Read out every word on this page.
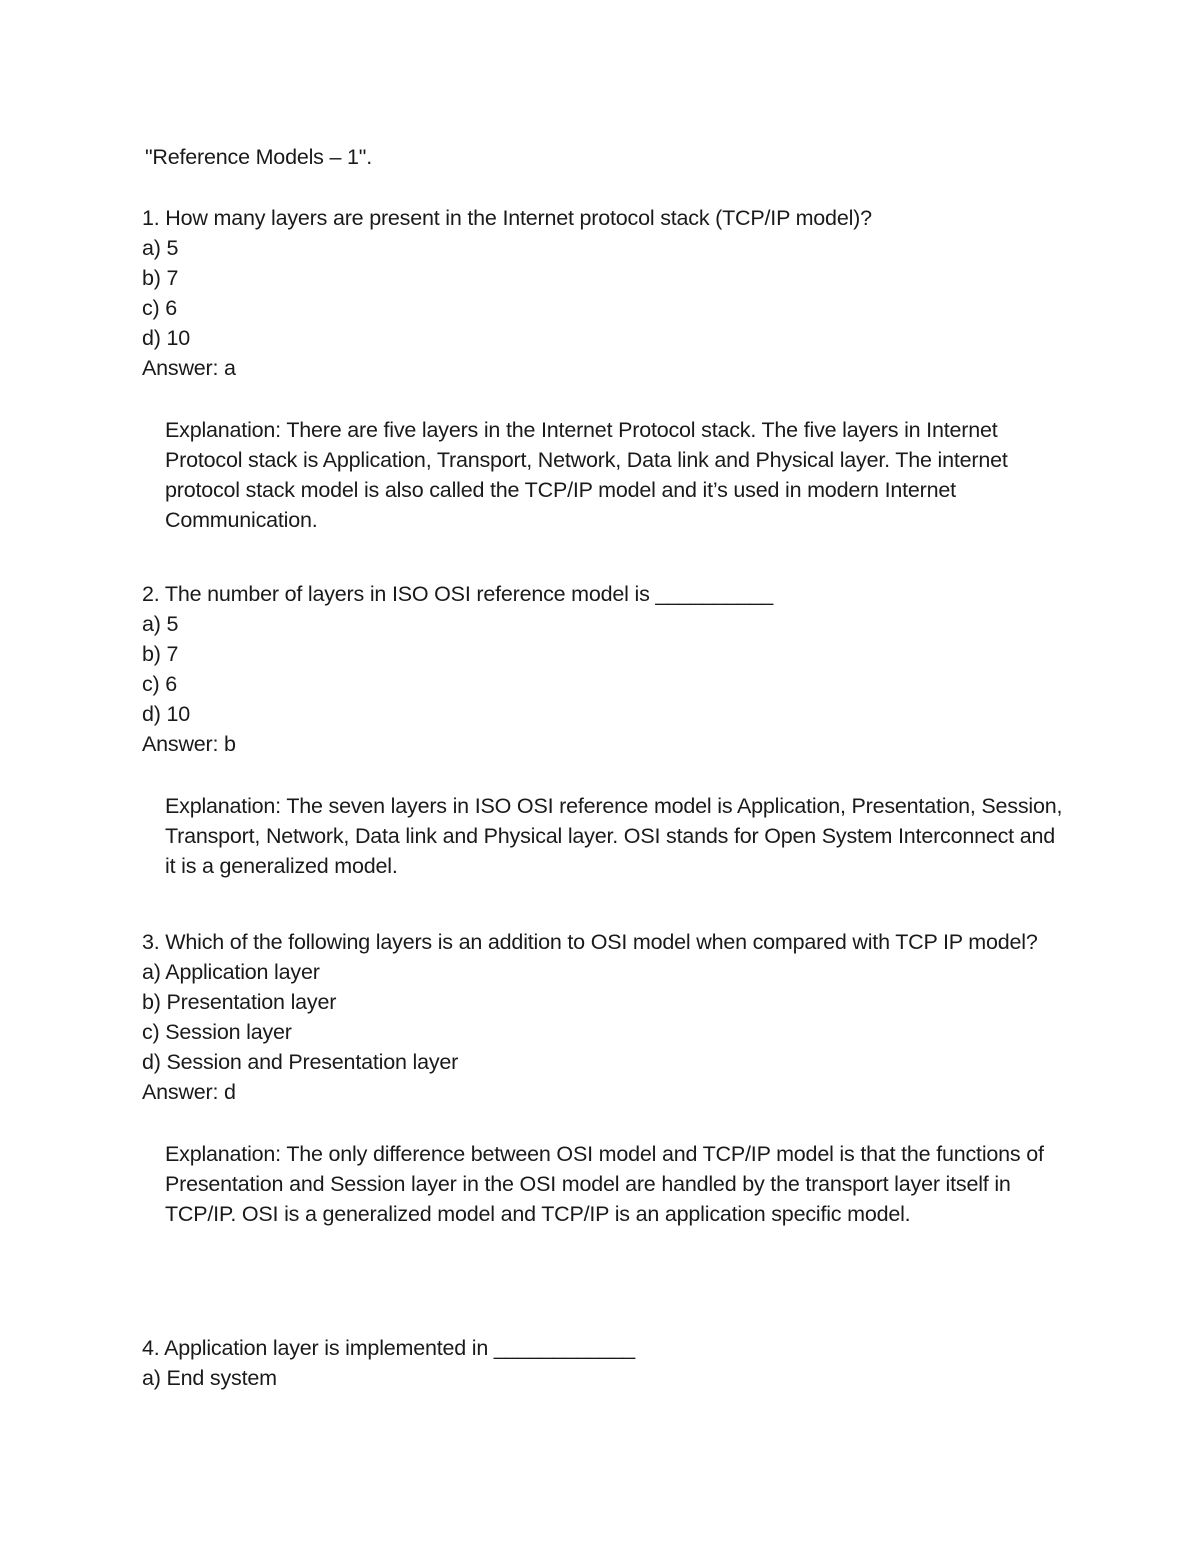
"Reference Models – 1".
1. How many layers are present in the Internet protocol stack (TCP/IP model)?
a) 5
b) 7
c) 6
d) 10
Answer: a
Explanation: There are five layers in the Internet Protocol stack. The five layers in Internet Protocol stack is Application, Transport, Network, Data link and Physical layer. The internet protocol stack model is also called the TCP/IP model and it’s used in modern Internet Communication.
2. The number of layers in ISO OSI reference model is __________
a) 5
b) 7
c) 6
d) 10
Answer: b
Explanation: The seven layers in ISO OSI reference model is Application, Presentation, Session, Transport, Network, Data link and Physical layer. OSI stands for Open System Interconnect and it is a generalized model.
3. Which of the following layers is an addition to OSI model when compared with TCP IP model?
a) Application layer
b) Presentation layer
c) Session layer
d) Session and Presentation layer
Answer: d
Explanation: The only difference between OSI model and TCP/IP model is that the functions of Presentation and Session layer in the OSI model are handled by the transport layer itself in TCP/IP. OSI is a generalized model and TCP/IP is an application specific model.
4. Application layer is implemented in ____________
a) End system
